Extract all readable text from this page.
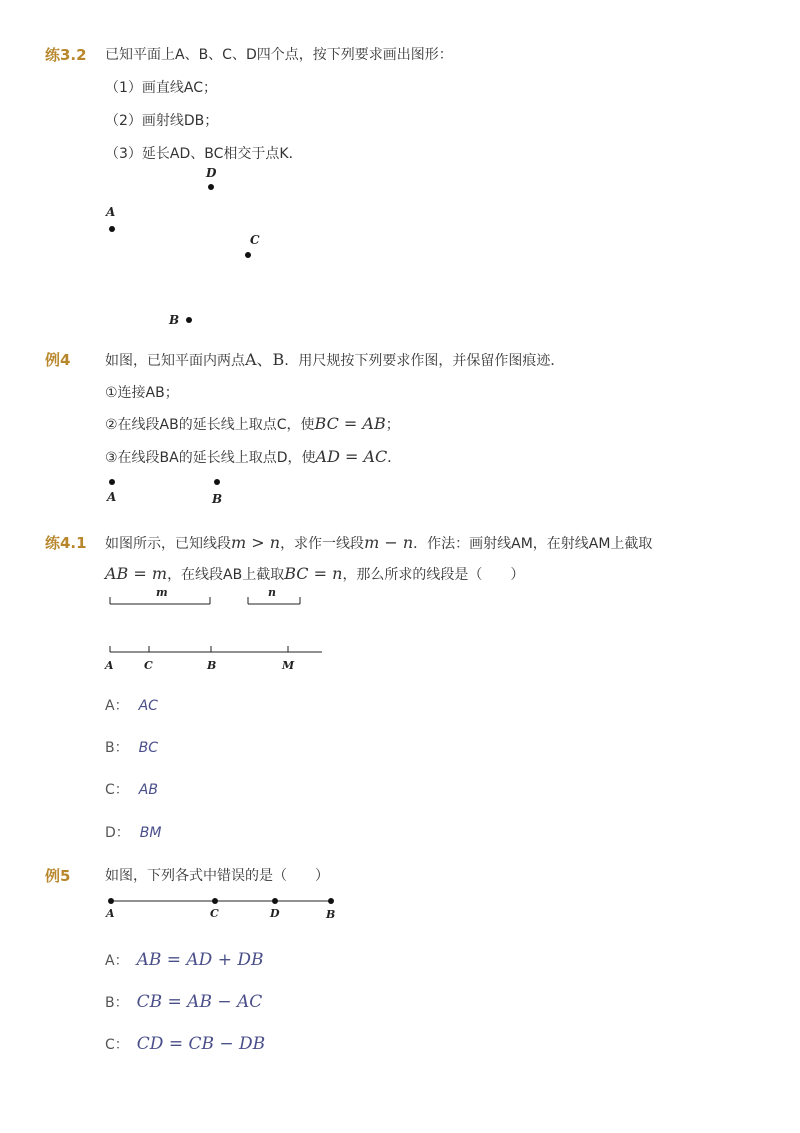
练3.2 已知平面上A、B、C、D四个点，按下列要求画出图形：
（1）画直线AC；
（2）画射线DB；
（3）延长AD、BC相交于点K．
A
B
C
D
A	B
m	n
A	C	B	M
A	C	D	B
例4 如图，已知平面内两点A、B．用尺规按下列要求作图，并保留作图痕迹．
①连接AB；
②在线段AB的延长线上取点C，使BC = AB；
③在线段BA的延长线上取点D，使AD = AC．
练4.1 如图所示，已知线段m > n，求作一线段m − n．作法：画射线AM，在射线AM上截取
AB = m，在线段AB上截取BC = n，那么所求的线段是（　　）
A： AC
B： BC
C： AB
D： BM
例5 如图，下列各式中错误的是（　　）
A： AB = AD + DB
B： CB = AB − AC
C： CD = CB − DB
